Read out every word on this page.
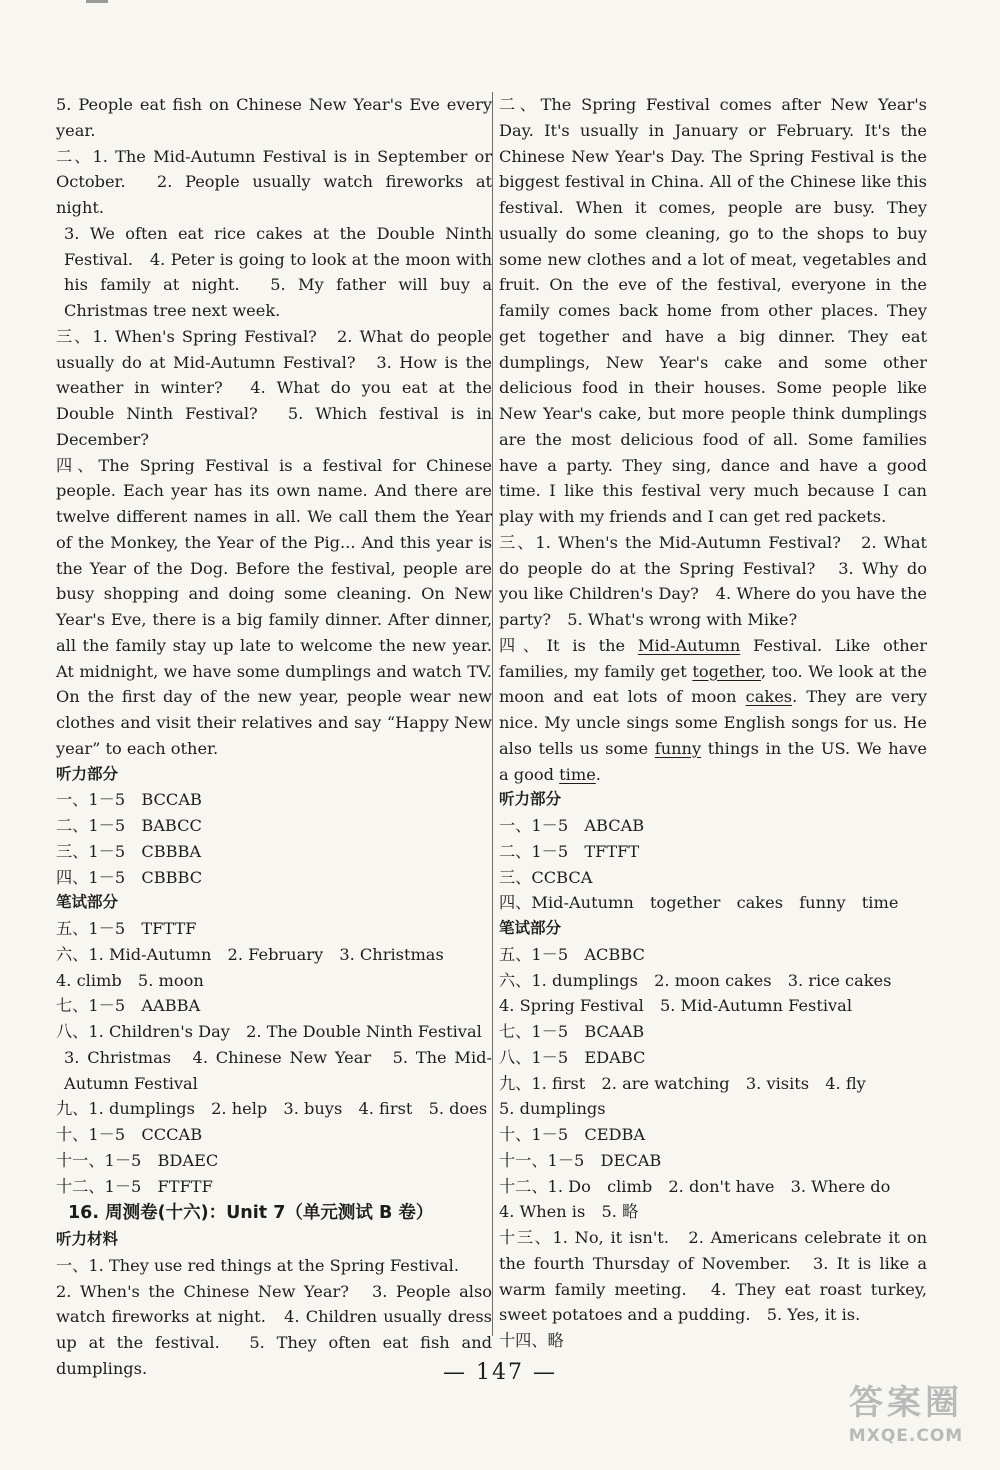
5. People eat fish on Chinese New Year's Eve every year.

二、1. The Mid-Autumn Festival is in September or October.　2. People usually watch fireworks at night.

3. We often eat rice cakes at the Double Ninth Festival.　4. Peter is going to look at the moon with his family at night.　5. My father will buy a Christmas tree next week.

三、1. When's Spring Festival?　2. What do people usually do at Mid-Autumn Festival?　3. How is the weather in winter?　4. What do you eat at the Double Ninth Festival?　5. Which festival is in December?

四、The Spring Festival is a festival for Chinese people. Each year has its own name. And there are twelve different names in all. We call them the Year of the Monkey, the Year of the Pig... And this year is the Year of the Dog. Before the festival, people are busy shopping and doing some cleaning. On New Year's Eve, there is a big family dinner. After dinner, all the family stay up late to welcome the new year. At midnight, we have some dumplings and watch TV. On the first day of the new year, people wear new clothes and visit their relatives and say “Happy New year” to each other.

听力部分

一、1－5　BCCAB

二、1－5　BABCC

三、1－5　CBBBA

四、1－5　CBBBC

笔试部分

五、1－5　TFTTF

六、1. Mid-Autumn　2. February　3. Christmas

4. climb　5. moon

七、1－5　AABBA

八、1. Children's Day　2. The Double Ninth Festival

3. Christmas　4. Chinese New Year　5. The Mid-Autumn Festival

九、1. dumplings　2. help　3. buys　4. first　5. does

十、1－5　CCCAB

十一、1－5　BDAEC

十二、1－5　FTFTF

16. 周测卷(十六)：Unit 7（单元测试 B 卷）

听力材料

一、1. They use red things at the Spring Festival.

2. When's the Chinese New Year?　3. People also watch fireworks at night.　4. Children usually dress up at the festival.　5. They often eat fish and dumplings.

二、The Spring Festival comes after New Year's Day. It's usually in January or February. It's the Chinese New Year's Day. The Spring Festival is the biggest festival in China. All of the Chinese like this festival. When it comes, people are busy. They usually do some cleaning, go to the shops to buy some new clothes and a lot of meat, vegetables and fruit. On the eve of the festival, everyone in the family comes back home from other places. They get together and have a big dinner. They eat dumplings, New Year's cake and some other delicious food in their houses. Some people like New Year's cake, but more people think dumplings are the most delicious food of all. Some families have a party. They sing, dance and have a good time. I like this festival very much because I can play with my friends and I can get red packets.

三、1. When's the Mid-Autumn Festival?　2. What do people do at the Spring Festival?　3. Why do you like Children's Day?　4. Where do you have the party?　5. What's wrong with Mike?

四、It is the Mid-Autumn Festival. Like other families, my family get together, too. We look at the moon and eat lots of moon cakes. They are very nice. My uncle sings some English songs for us. He also tells us some funny things in the US. We have a good time.

听力部分

一、1－5　ABCAB

二、1－5　TFTFT

三、CCBCA

四、Mid-Autumn　together　cakes　funny　time

笔试部分

五、1－5　ACBBC

六、1. dumplings　2. moon cakes　3. rice cakes

4. Spring Festival　5. Mid-Autumn Festival

七、1－5　BCAAB

八、1－5　EDABC

九、1. first　2. are watching　3. visits　4. fly

5. dumplings

十、1－5　CEDBA

十一、1－5　DECAB

十二、1. Do　climb　2. don't have　3. Where do

4. When is　5. 略

十三、1. No, it isn't.　2. Americans celebrate it on the fourth Thursday of November.　3. It is like a warm family meeting.　4. They eat roast turkey, sweet potatoes and a pudding.　5. Yes, it is.

十四、略

— 147 —
答案圈
MXQE.COM
